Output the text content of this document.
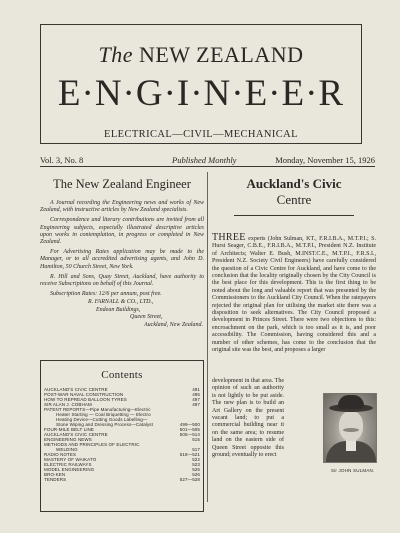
The NEW ZEALAND
E·N·G·I·N·E·E·R
ELECTRICAL—CIVIL—MECHANICAL
Vol. 3, No. 8	Published Monthly	Monday, November 15, 1926
The New Zealand Engineer

A Journal recording the Engineering news and works of New Zealand, with instructive articles by New Zealand specialists.

Correspondence and literary contributions are invited from all Engineering subjects, especially illustrated descriptive articles upon works in contemplation, in progress or completed in New Zealand.

For Advertising Rates application may be made to the Manager, or to all accredited advertising agents, and John D. Hamilton, 50 Church Street, New York.

R. Hill and Sons, Quay Street, Auckland, have authority to receive Subscriptions on behalf of this Journal.

Subscription Rates: 12/6 per annum, post free.
R. FARNALL & CO., LTD.,
Endean Buildings,
Queen Street,
Auckland, New Zealand.
Contents
AUCKLAND'S CIVIC CENTRE	491
POST-WAR NAVAL CONSTRUCTION	495
HOW TO REPREAD BALLOON TYRES	497
SIR ALAN J. COBHAM	497
PATENT REPORTS—Pipe Manufacturing—Electric
Heater Starting — Coal Briquetting — Electro
Heating Device—Cutting Goods Labelling—
Stone Wiping and Dressing Process—Catalyst	499—500
FOUR-MILE BELT LINE	501—505
AUCKLAND'S CIVIC CENTRE	505—514
ENGINEERING NEWS	515
METHODS AND PRINCIPLES OF ELECTRIC
WELDING	517
RADIO NOTES	518—521
MASTERY OF WAIKATO	522
ELECTRIC RAILWAYS	523
MODEL ENGINEERING	525
BRO-KEN	526
TENDERS	527—528
Auckland's Civic
Centre
THREE experts (John Sulman, KT., F.R.I.B.A., M.T.P.I.; S. Hurst Seager, C.B.E., F.R.I.B.A., M.T.P.I., President N.Z. Institute of Architects; Walter E. Bush, M.INST.C.E., M.T.P.I., F.R.S.I., President N.Z. Society Civil Engineers) have carefully considered the question of a Civic Centre for Auckland, and have come to the conclusion that the locality originally chosen by the City Council is the best place for this development. This is the first thing to be noted about the long and valuable report that was presented by the Commissioners to the Auckland City Council. When the ratepayers rejected the original plan for utilising the market site there was a disposition to seek alternatives. The City Council proposed a development in Princes Street. There were two objections to this: encroachment on the park, which is too small as it is, and poor accessibility. The Commission, having considered this and a number of other schemes, has come to the conclusion that the original site was the best, and proposes a larger
development in that area. The opinion of such an authority is not lightly to be put aside. The new plan is to build an Art Gallery on the present vacant land; to put a commercial building near it on the same area; to resume land on the eastern side of Queen Street opposite this ground; eventually to erect
Sir JOHN SULMAN.
